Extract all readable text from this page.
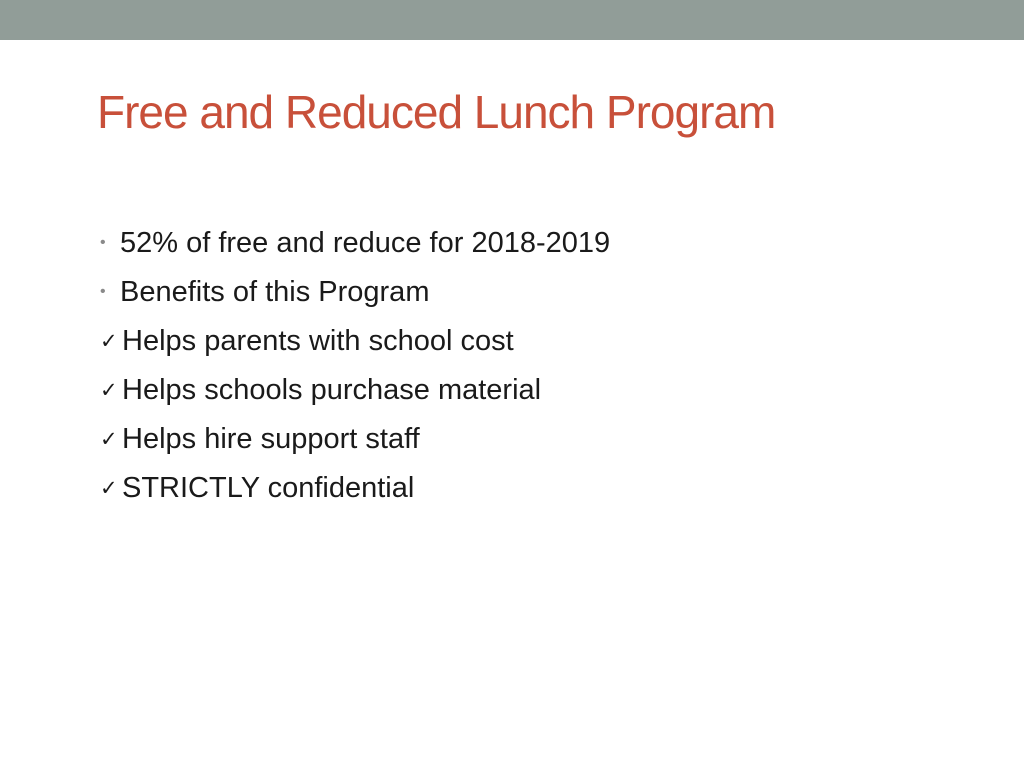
Free and Reduced Lunch Program
• 52% of free and reduce for 2018-2019
• Benefits of this Program
✓ Helps parents with school cost
✓ Helps schools purchase material
✓ Helps hire support staff
✓ STRICTLY confidential
